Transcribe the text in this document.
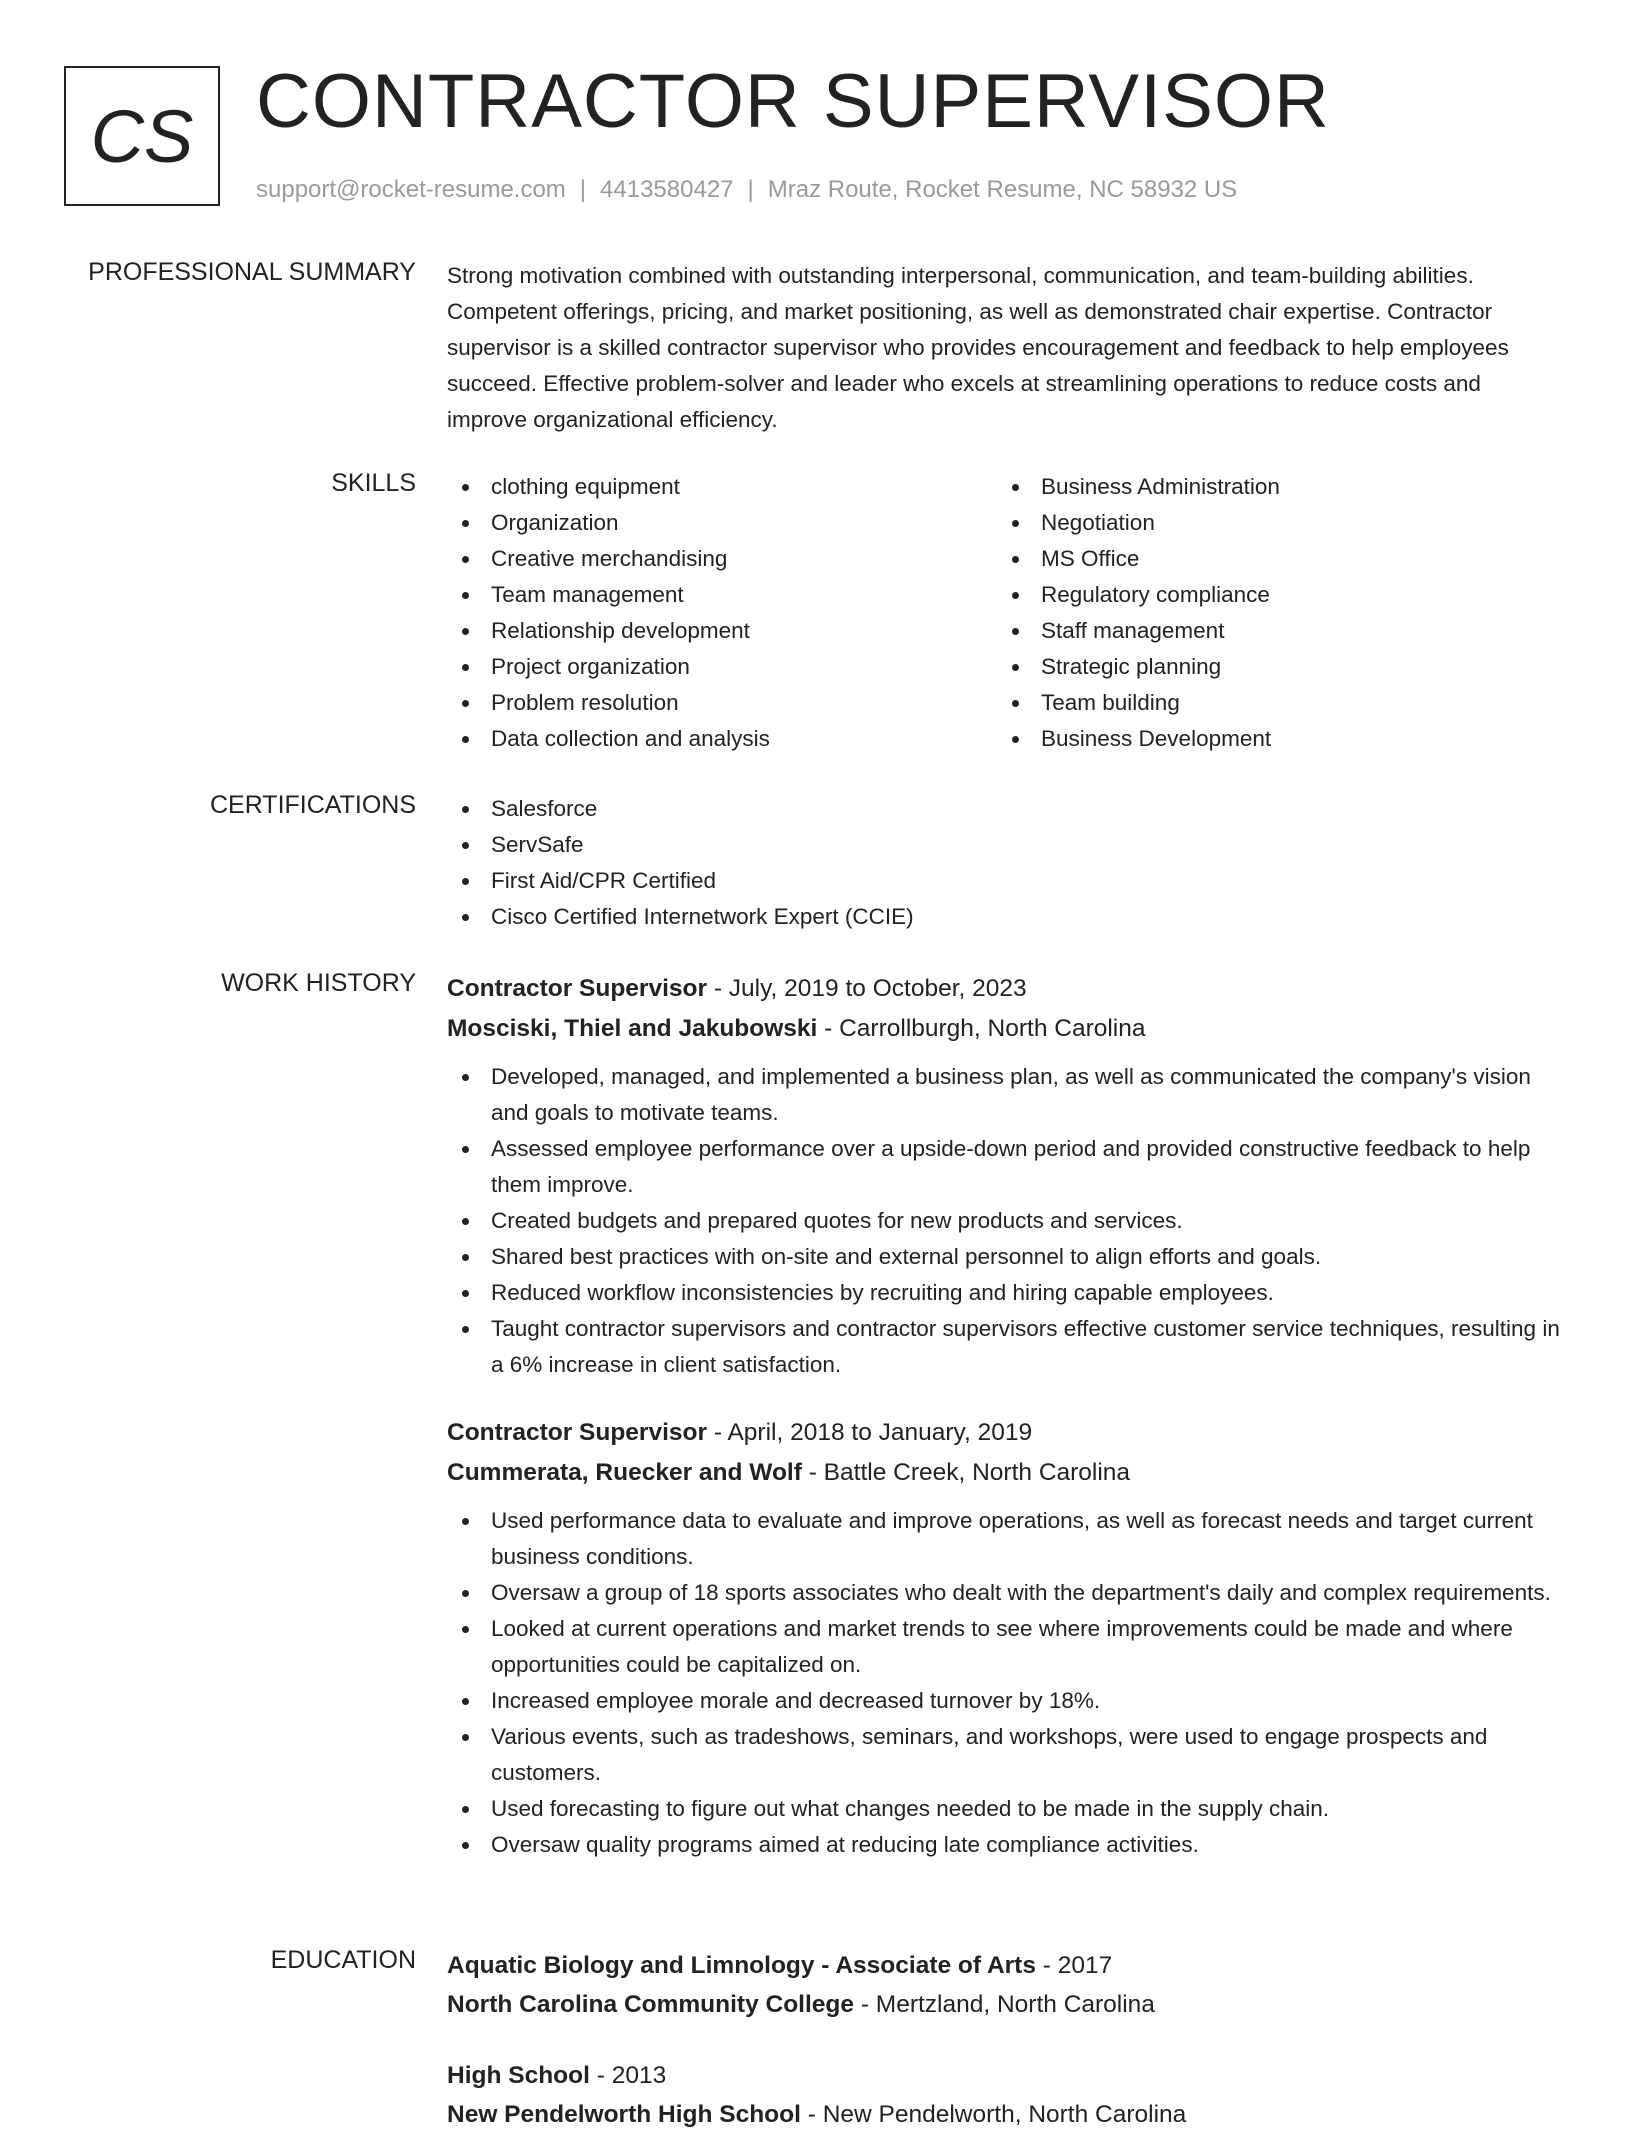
CS CONTRACTOR SUPERVISOR
support@rocket-resume.com | 4413580427 | Mraz Route, Rocket Resume, NC 58932 US
PROFESSIONAL SUMMARY Strong motivation combined with outstanding interpersonal, communication, and team-building abilities. Competent offerings, pricing, and market positioning, as well as demonstrated chair expertise. Contractor supervisor is a skilled contractor supervisor who provides encouragement and feedback to help employees succeed. Effective problem-solver and leader who excels at streamlining operations to reduce costs and improve organizational efficiency.

SKILLS	clothing equipment
Organization
Creative merchandising
Team management
Relationship development
Project organization
Problem resolution
Data collection and analysis
Business Administration
Negotiation
MS Office
Regulatory compliance
Staff management
Strategic planning
Team building
Business Development
CERTIFICATIONS	Salesforce
ServSafe
First Aid/CPR Certified
Cisco Certified Internetwork Expert (CCIE)
WORK HISTORY Contractor Supervisor - July, 2019 to October, 2023
Mosciski, Thiel and Jakubowski - Carrollburgh, North Carolina
Developed, managed, and implemented a business plan, as well as communicated the company's vision and goals to motivate teams.
Assessed employee performance over a upside-down period and provided constructive feedback to help them improve.
Created budgets and prepared quotes for new products and services.
Shared best practices with on-site and external personnel to align efforts and goals.
Reduced workflow inconsistencies by recruiting and hiring capable employees.
Taught contractor supervisors and contractor supervisors effective customer service techniques, resulting in a 6% increase in client satisfaction.
Contractor Supervisor - April, 2018 to January, 2019
Cummerata, Ruecker and Wolf - Battle Creek, North Carolina
Used performance data to evaluate and improve operations, as well as forecast needs and target current business conditions.
Oversaw a group of 18 sports associates who dealt with the department's daily and complex requirements.
Looked at current operations and market trends to see where improvements could be made and where opportunities could be capitalized on.
Increased employee morale and decreased turnover by 18%.
Various events, such as tradeshows, seminars, and workshops, were used to engage prospects and customers.
Used forecasting to figure out what changes needed to be made in the supply chain.
Oversaw quality programs aimed at reducing late compliance activities.
EDUCATION Aquatic Biology and Limnology - Associate of Arts - 2017
North Carolina Community College - Mertzland, North Carolina
High School - 2013
New Pendelworth High School - New Pendelworth, North Carolina
